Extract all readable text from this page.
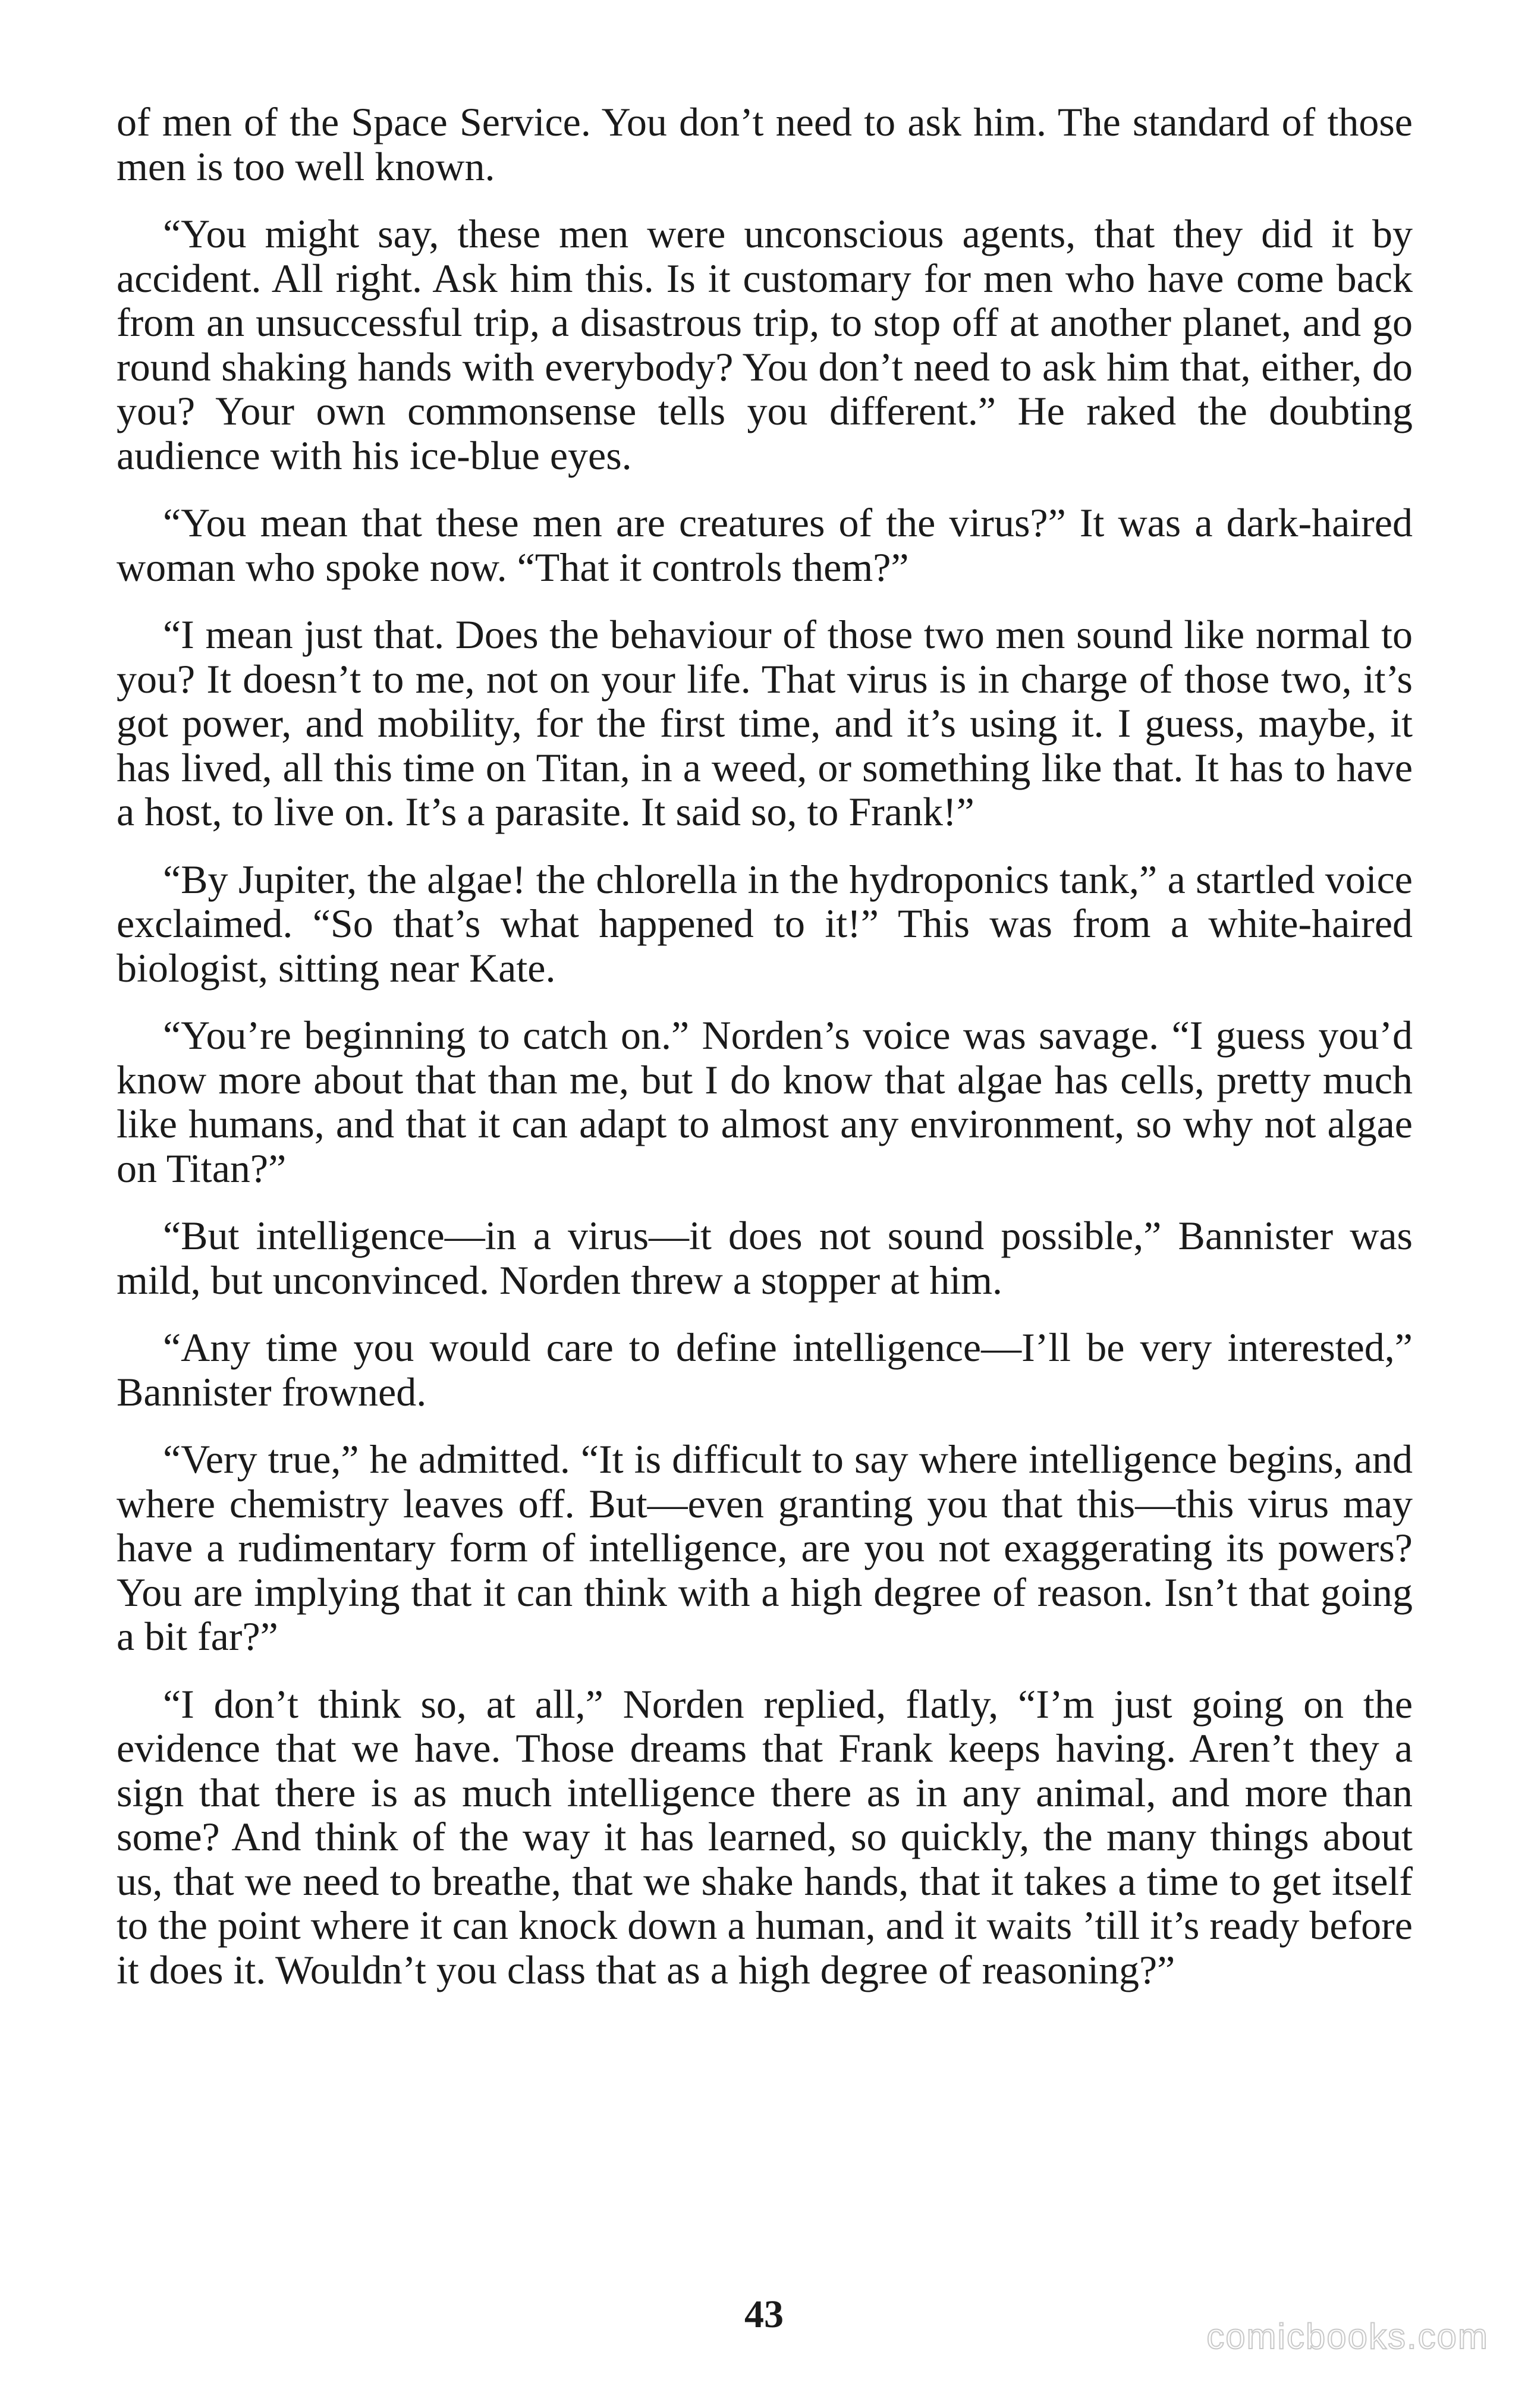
of men of the Space Service. You don’t need to ask him. The standard of those men is too well known.

“You might say, these men were unconscious agents, that they did it by accident. All right. Ask him this. Is it customary for men who have come back from an unsuccessful trip, a disastrous trip, to stop off at another planet, and go round shaking hands with everybody? You don’t need to ask him that, either, do you? Your own commonsense tells you different.” He raked the doubting audience with his ice-blue eyes.

“You mean that these men are creatures of the virus?” It was a dark-haired woman who spoke now. “That it controls them?”

“I mean just that. Does the behaviour of those two men sound like normal to you? It doesn’t to me, not on your life. That virus is in charge of those two, it’s got power, and mobility, for the first time, and it’s using it. I guess, maybe, it has lived, all this time on Titan, in a weed, or something like that. It has to have a host, to live on. It’s a parasite. It said so, to Frank!”

“By Jupiter, the algae! the chlorella in the hydroponics tank,” a startled voice exclaimed. “So that’s what happened to it!” This was from a white-haired biologist, sitting near Kate.

“You’re beginning to catch on.” Norden’s voice was savage. “I guess you’d know more about that than me, but I do know that algae has cells, pretty much like humans, and that it can adapt to almost any environment, so why not algae on Titan?”

“But intelligence—in a virus—it does not sound possible,” Bannister was mild, but unconvinced. Norden threw a stopper at him.

“Any time you would care to define intelligence—I’ll be very interested,” Bannister frowned.

“Very true,” he admitted. “It is difficult to say where intelligence begins, and where chemistry leaves off. But—even granting you that this—this virus may have a rudimentary form of intelligence, are you not exaggerating its powers? You are implying that it can think with a high degree of reason. Isn’t that going a bit far?”

“I don’t think so, at all,” Norden replied, flatly, “I’m just going on the evidence that we have. Those dreams that Frank keeps having. Aren’t they a sign that there is as much intelligence there as in any animal, and more than some? And think of the way it has learned, so quickly, the many things about us, that we need to breathe, that we shake hands, that it takes a time to get itself to the point where it can knock down a human, and it waits ’till it’s ready before it does it. Wouldn’t you class that as a high degree of reasoning?”

43
comicbooks.com
